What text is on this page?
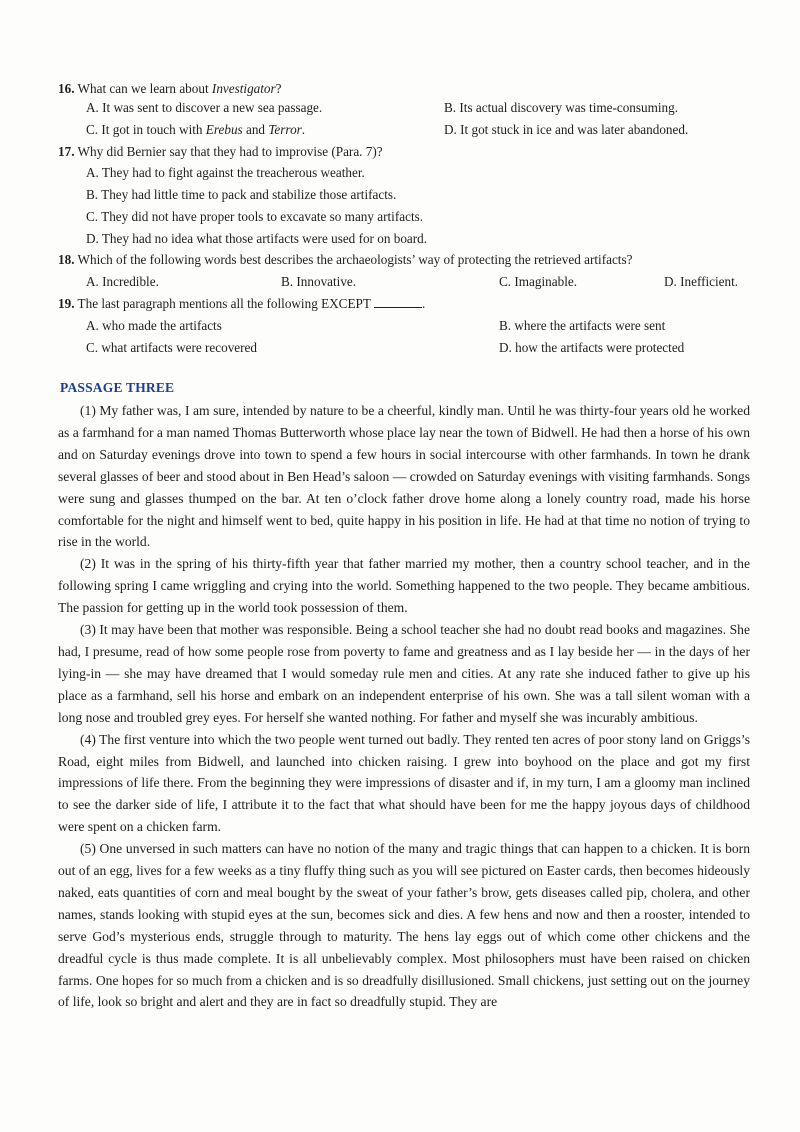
16. What can we learn about Investigator?
A. It was sent to discover a new sea passage.	B. Its actual discovery was time-consuming.
C. It got in touch with Erebus and Terror.	D. It got stuck in ice and was later abandoned.
17. Why did Bernier say that they had to improvise (Para. 7)?
A. They had to fight against the treacherous weather.
B. They had little time to pack and stabilize those artifacts.
C. They did not have proper tools to excavate so many artifacts.
D. They had no idea what those artifacts were used for on board.
18. Which of the following words best describes the archaeologists’ way of protecting the retrieved artifacts?
A. Incredible.	B. Innovative.	C. Imaginable.	D. Inefficient.
19. The last paragraph mentions all the following EXCEPT	.
A. who made the artifacts	B. where the artifacts were sent
C. what artifacts were recovered	D. how the artifacts were protected
PASSAGE THREE

(1) My father was, I am sure, intended by nature to be a cheerful, kindly man. Until he was thirty-four years old he worked as a farmhand for a man named Thomas Butterworth whose place lay near the town of Bidwell. He had then a horse of his own and on Saturday evenings drove into town to spend a few hours in social intercourse with other farmhands. In town he drank several glasses of beer and stood about in Ben Head’s saloon — crowded on Saturday evenings with visiting farmhands. Songs were sung and glasses thumped on the bar. At ten o’clock father drove home along a lonely country road, made his horse comfortable for the night and himself went to bed, quite happy in his position in life. He had at that time no notion of trying to rise in the world.

(2) It was in the spring of his thirty-fifth year that father married my mother, then a country school teacher, and in the following spring I came wriggling and crying into the world. Something happened to the two people. They became ambitious. The passion for getting up in the world took possession of them.

(3) It may have been that mother was responsible. Being a school teacher she had no doubt read books and magazines. She had, I presume, read of how some people rose from poverty to fame and greatness and as I lay beside her — in the days of her lying-in — she may have dreamed that I would someday rule men and cities. At any rate she induced father to give up his place as a farmhand, sell his horse and embark on an independent enterprise of his own. She was a tall silent woman with a long nose and troubled grey eyes. For herself she wanted nothing. For father and myself she was incurably ambitious.

(4) The first venture into which the two people went turned out badly. They rented ten acres of poor stony land on Griggs’s Road, eight miles from Bidwell, and launched into chicken raising. I grew into boyhood on the place and got my first impressions of life there. From the beginning they were impressions of disaster and if, in my turn, I am a gloomy man inclined to see the darker side of life, I attribute it to the fact that what should have been for me the happy joyous days of childhood were spent on a chicken farm.

(5) One unversed in such matters can have no notion of the many and tragic things that can happen to a chicken. It is born out of an egg, lives for a few weeks as a tiny fluffy thing such as you will see pictured on Easter cards, then becomes hideously naked, eats quantities of corn and meal bought by the sweat of your father’s brow, gets diseases called pip, cholera, and other names, stands looking with stupid eyes at the sun, becomes sick and dies. A few hens and now and then a rooster, intended to serve God’s mysterious ends, struggle through to maturity. The hens lay eggs out of which come other chickens and the dreadful cycle is thus made complete. It is all unbelievably complex. Most philosophers must have been raised on chicken farms. One hopes for so much from a chicken and is so dreadfully disillusioned. Small chickens, just setting out on the journey of life, look so bright and alert and they are in fact so dreadfully stupid. They are
